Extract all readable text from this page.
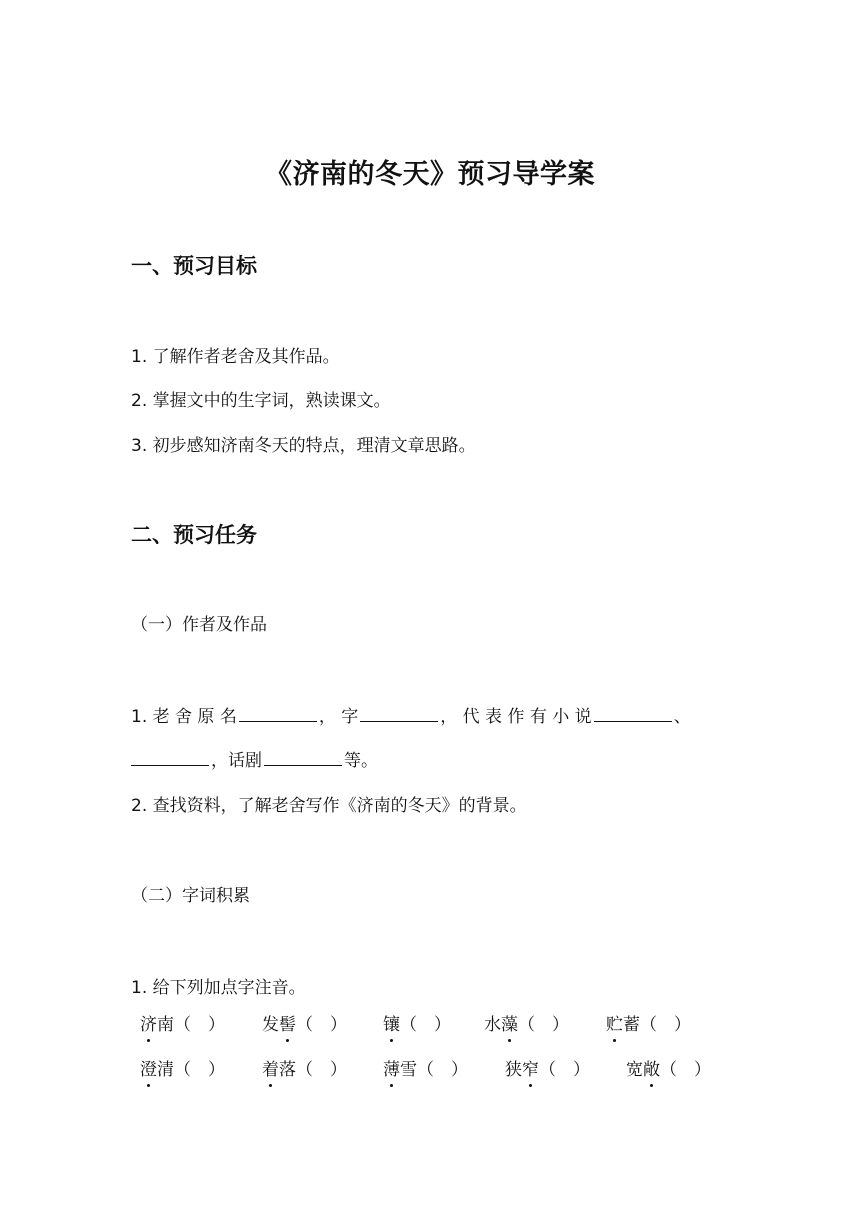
《济南的冬天》预习导学案
一、预习目标
1. 了解作者老舍及其作品。
2. 掌握文中的生字词，熟读课文。
3. 初步感知济南冬天的特点，理清文章思路。
二、预习任务
（一）作者及作品
1. 老 舍 原 名	， 字	， 代 表 作 有 小 说	、
，话剧	等。
2. 查找资料，了解老舍写作《济南的冬天》的背景。
（二）字词积累
1. 给下列加点字注音。
济南（　） 发髻（　） 镶（　） 水藻（　） 贮蓄（　）
澄清（　） 着落（　） 薄雪（　） 狭窄（　） 宽敞（　）
